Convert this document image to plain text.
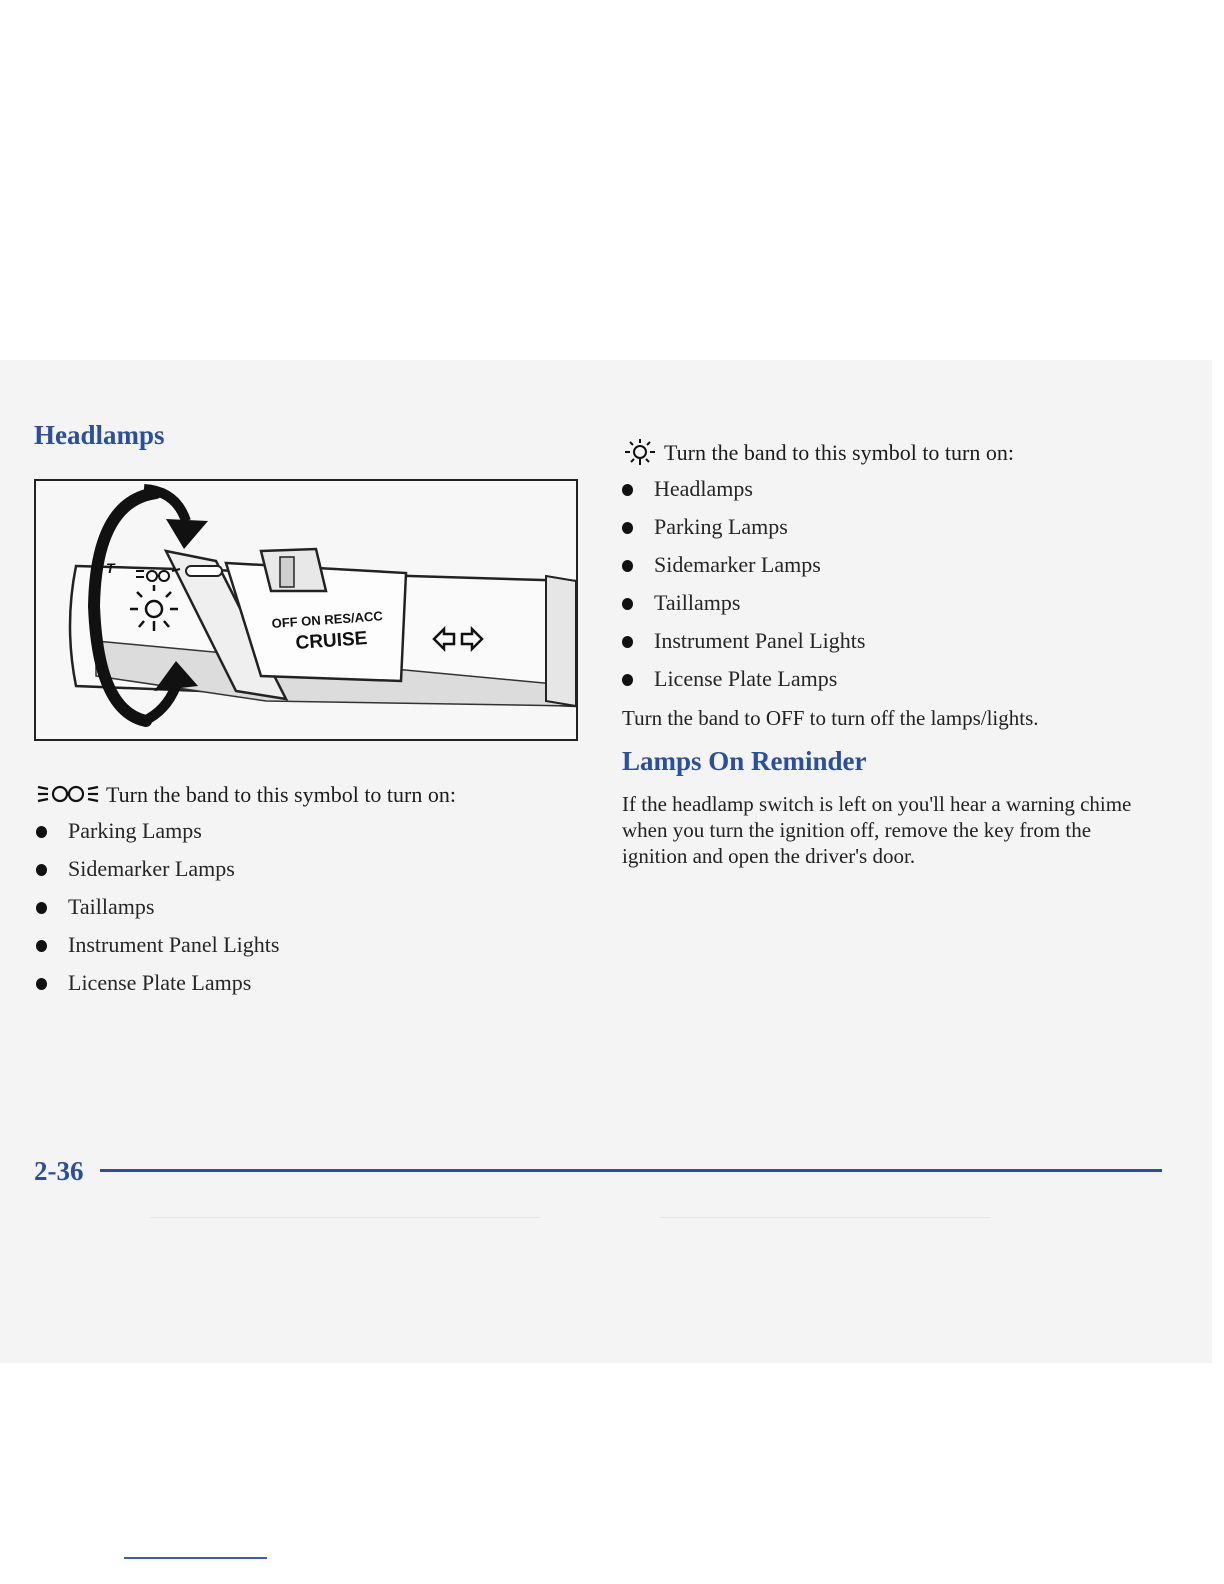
Headlamps
T
OFF ON RES/ACC
CRUISE
Turn the band to this symbol to turn on:
Parking Lamps
Sidemarker Lamps
Taillamps
Instrument Panel Lights
License Plate Lamps
Turn the band to this symbol to turn on:
Headlamps
Parking Lamps
Sidemarker Lamps
Taillamps
Instrument Panel Lights
License Plate Lamps
Turn the band to OFF to turn off the lamps/lights.
Lamps On Reminder
If the headlamp switch is left on you'll hear a warning chime when you turn the ignition off, remove the key from the ignition and open the driver's door.
2-36
